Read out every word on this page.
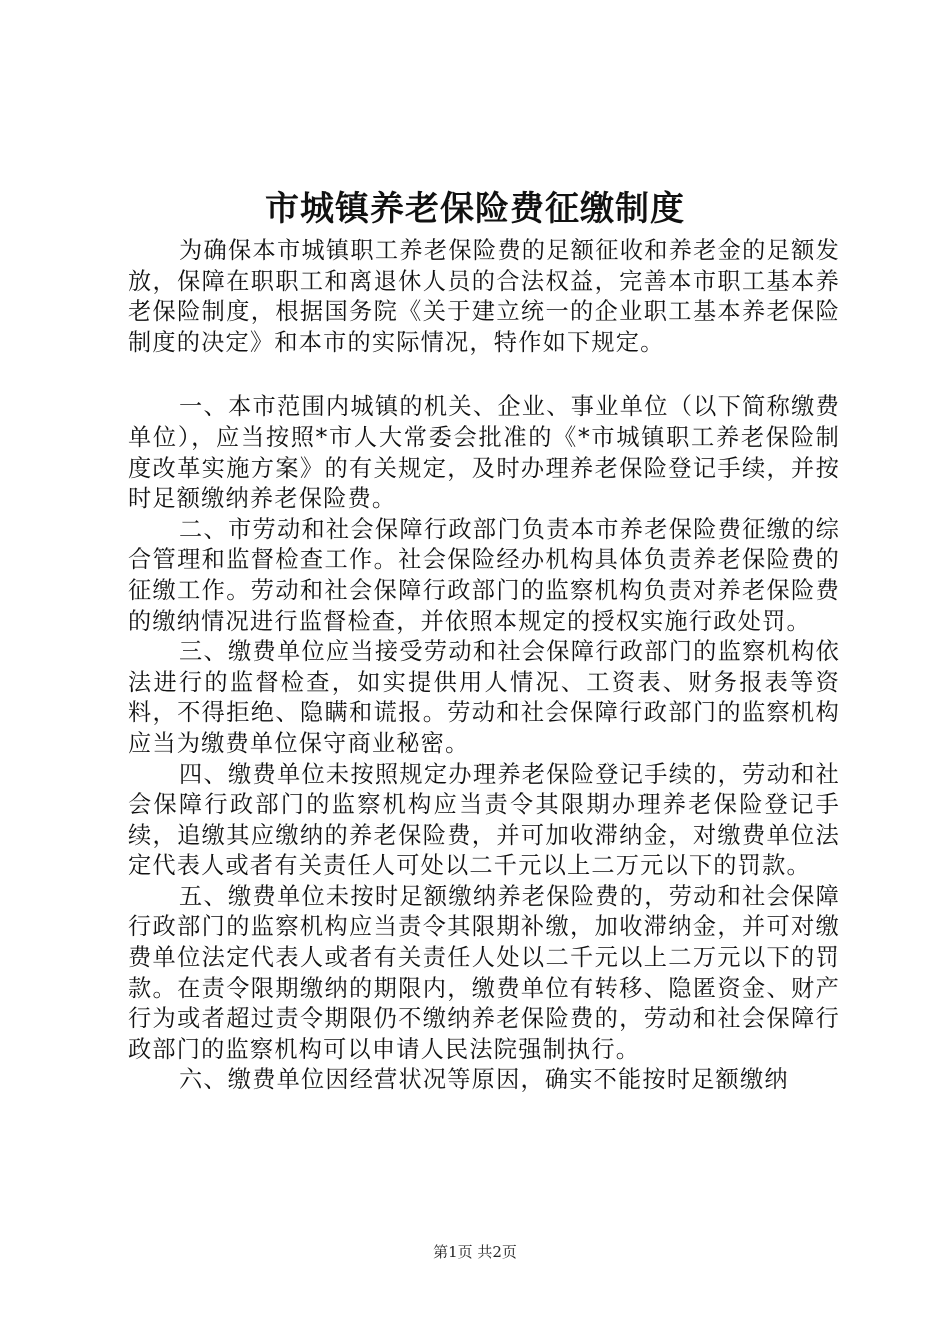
市城镇养老保险费征缴制度

为确保本市城镇职工养老保险费的足额征收和养老金的足额发放，保障在职职工和离退休人员的合法权益，完善本市职工基本养老保险制度，根据国务院《关于建立统一的企业职工基本养老保险制度的决定》和本市的实际情况，特作如下规定。

一、本市范围内城镇的机关、企业、事业单位（以下简称缴费单位），应当按照*市人大常委会批准的《*市城镇职工养老保险制度改革实施方案》的有关规定，及时办理养老保险登记手续，并按时足额缴纳养老保险费。

二、市劳动和社会保障行政部门负责本市养老保险费征缴的综合管理和监督检查工作。社会保险经办机构具体负责养老保险费的征缴工作。劳动和社会保障行政部门的监察机构负责对养老保险费的缴纳情况进行监督检查，并依照本规定的授权实施行政处罚。

三、缴费单位应当接受劳动和社会保障行政部门的监察机构依法进行的监督检查，如实提供用人情况、工资表、财务报表等资料，不得拒绝、隐瞒和谎报。劳动和社会保障行政部门的监察机构应当为缴费单位保守商业秘密。

四、缴费单位未按照规定办理养老保险登记手续的，劳动和社会保障行政部门的监察机构应当责令其限期办理养老保险登记手续，追缴其应缴纳的养老保险费，并可加收滞纳金，对缴费单位法定代表人或者有关责任人可处以二千元以上二万元以下的罚款。

五、缴费单位未按时足额缴纳养老保险费的，劳动和社会保障行政部门的监察机构应当责令其限期补缴，加收滞纳金，并可对缴费单位法定代表人或者有关责任人处以二千元以上二万元以下的罚款。在责令限期缴纳的期限内，缴费单位有转移、隐匿资金、财产行为或者超过责令期限仍不缴纳养老保险费的，劳动和社会保障行政部门的监察机构可以申请人民法院强制执行。

六、缴费单位因经营状况等原因，确实不能按时足额缴纳

第1页 共2页
